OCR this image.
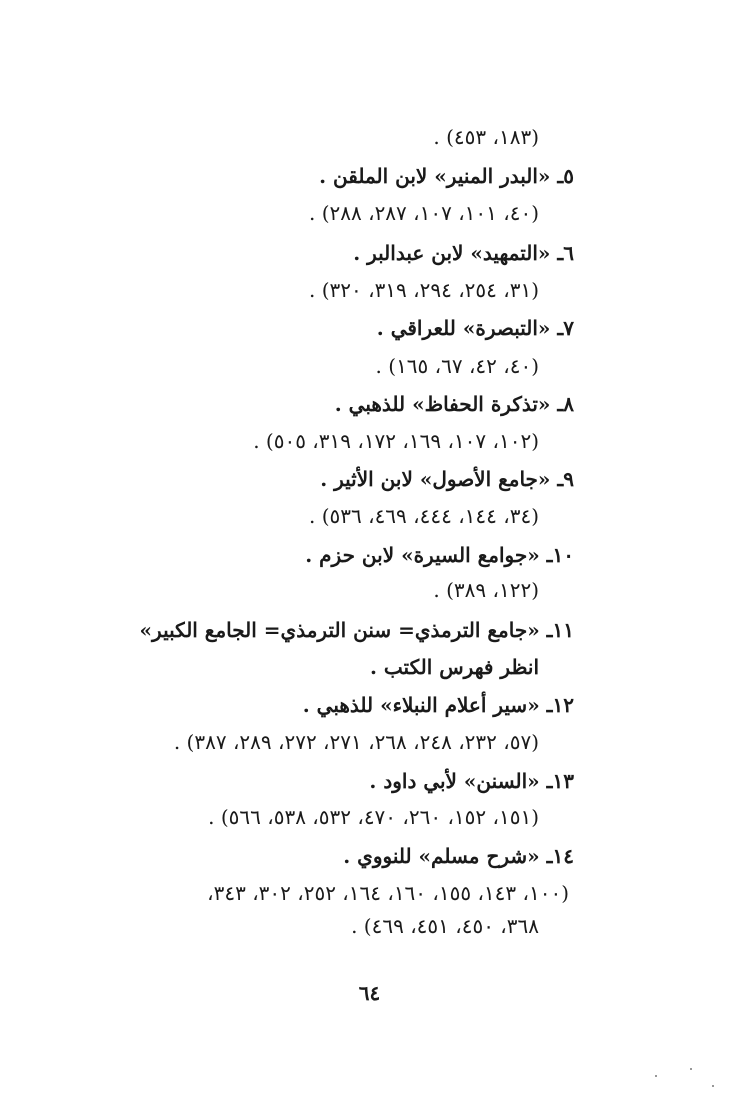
(١٨٣، ٤٥٣) .
٥ـ «البدر المنير» لابن الملقن .
(٤٠، ١٠١، ١٠٧، ٢٨٧، ٢٨٨) .
٦ـ «التمهيد» لابن عبدالبر .
(٣١، ٢٥٤، ٢٩٤، ٣١٩، ٣٢٠) .
٧ـ «التبصرة» للعراقي .
(٤٠، ٤٢، ٦٧، ١٦٥) .
٨ـ «تذكرة الحفاظ» للذهبي .
(١٠٢، ١٠٧، ١٦٩، ١٧٢، ٣١٩، ٥٠٥) .
٩ـ «جامع الأصول» لابن الأثير .
(٣٤، ١٤٤، ٤٤٤، ٤٦٩، ٥٣٦) .
١٠ـ «جوامع السيرة» لابن حزم .
(١٢٢، ٣٨٩) .
١١ـ «جامع الترمذي= سنن الترمذي= الجامع الكبير»
انظر فهرس الكتب .
١٢ـ «سير أعلام النبلاء» للذهبي .
(٥٧، ٢٣٢، ٢٤٨، ٢٦٨، ٢٧١، ٢٧٢، ٢٨٩، ٣٨٧) .
١٣ـ «السنن» لأبي داود .
(١٥١، ١٥٢، ٢٦٠، ٤٧٠، ٥٣٢، ٥٣٨، ٥٦٦) .
١٤ـ «شرح مسلم» للنووي .
(١٠٠، ١٤٣، ١٥٥، ١٦٠، ١٦٤، ٢٥٢، ٣٠٢، ٣٤٣،
٣٦٨، ٤٥٠، ٤٥١، ٤٦٩) .
٦٤
